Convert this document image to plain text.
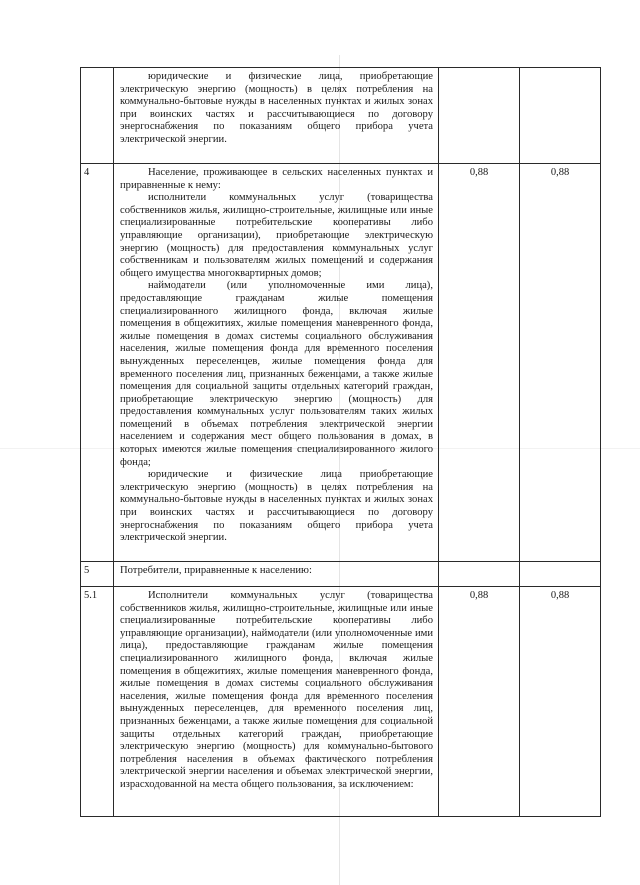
	юридические и физические лица, приобретающие электрическую энергию (мощность) в целях потребления на коммунально-бытовые нужды в населенных пунктах и жилых зонах при воинских частях и рассчитывающиеся по договору энергоснабжения по показаниям общего прибора учета электрической энергии.		

4	Население, проживающее в сельских населенных пунктах и приравненные к нему:

исполнители коммунальных услуг (товарищества собственников жилья, жилищно-строительные, жилищные или иные специализированные потребительские кооперативы либо управляющие организации), приобретающие электрическую энергию (мощность) для предоставления коммунальных услуг собственникам и пользователям жилых помещений и содержания общего имущества многоквартирных домов;

наймодатели (или уполномоченные ими лица), предоставляющие гражданам жилые помещения специализированного жилищного фонда, включая жилые помещения в общежитиях, жилые помещения маневренного фонда, жилые помещения в домах системы социального обслуживания населения, жилые помещения фонда для временного поселения вынужденных переселенцев, жилые помещения фонда для временного поселения лиц, признанных беженцами, а также жилые помещения для социальной защиты отдельных категорий граждан, приобретающие электрическую энергию (мощность) для предоставления коммунальных услуг пользователям таких жилых помещений в объемах потребления электрической энергии населением и содержания мест общего пользования в домах, в которых имеются жилые помещения специализированного жилого фонда;

юридические и физические лица приобретающие электрическую энергию (мощность) в целях потребления на коммунально-бытовые нужды в населенных пунктах и жилых зонах при воинских частях и рассчитывающиеся по договору энергоснабжения по показаниям общего прибора учета электрической энергии.	0,88	0,88
5	Потребители, приравненные к населению:		

5.1	Исполнители коммунальных услуг (товарищества собственников жилья, жилищно-строительные, жилищные или иные специализированные потребительские кооперативы либо управляющие организации), наймодатели (или уполномоченные ими лица), предоставляющие гражданам жилые помещения специализированного жилищного фонда, включая жилые помещения в общежитиях, жилые помещения маневренного фонда, жилые помещения в домах системы социального обслуживания населения, жилые помещения фонда для временного поселения вынужденных переселенцев, для временного поселения лиц, признанных беженцами, а также жилые помещения для социальной защиты отдельных категорий граждан, приобретающие электрическую энергию (мощность) для коммунально-бытового потребления населения в объемах фактического потребления электрической энергии населения и объемах электрической энергии, израсходованной на места общего пользования, за исключением:	0,88	0,88
